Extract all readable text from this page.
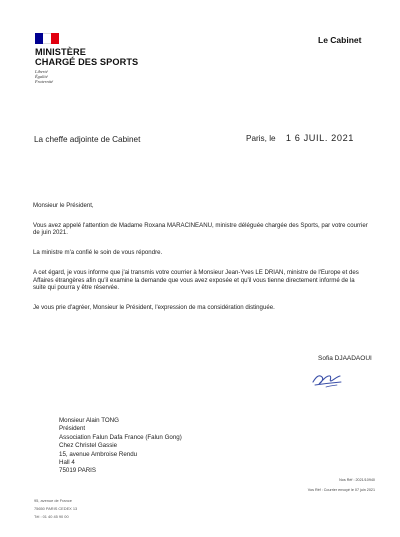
MINISTÈRE
CHARGÉ DES SPORTS
Liberté
Égalité
Fraternité
Le Cabinet
La cheffe adjointe de Cabinet	Paris, le 1 6 JUIL. 2021

Monsieur le Président,

Vous avez appelé l'attention de Madame Roxana MARACINEANU, ministre déléguée chargée des Sports, par votre courrier de juin 2021.

La ministre m'a confié le soin de vous répondre.

A cet égard, je vous informe que j'ai transmis votre courrier à Monsieur Jean-Yves LE DRIAN, ministre de l'Europe et des Affaires étrangères afin qu'il examine la demande que vous avez exposée et qu'il vous tienne directement informé de la suite qui pourra y être réservée.

Je vous prie d'agréer, Monsieur le Président, l'expression de ma considération distinguée.

Sofia DJAADAOUI
Monsieur Alain TONG
Président
Association Falun Dafa France (Falun Gong)
Chez Christel Gassie
15, avenue Ambroise Rendu
Hall 4
75019 PARIS
Nos Réf : 2021/10940
Vos Réf : Courrier envoyé le 07 juin 2021
95, avenue de France
75650 PARIS CEDEX 13
Tél : 01 40 45 90 00
